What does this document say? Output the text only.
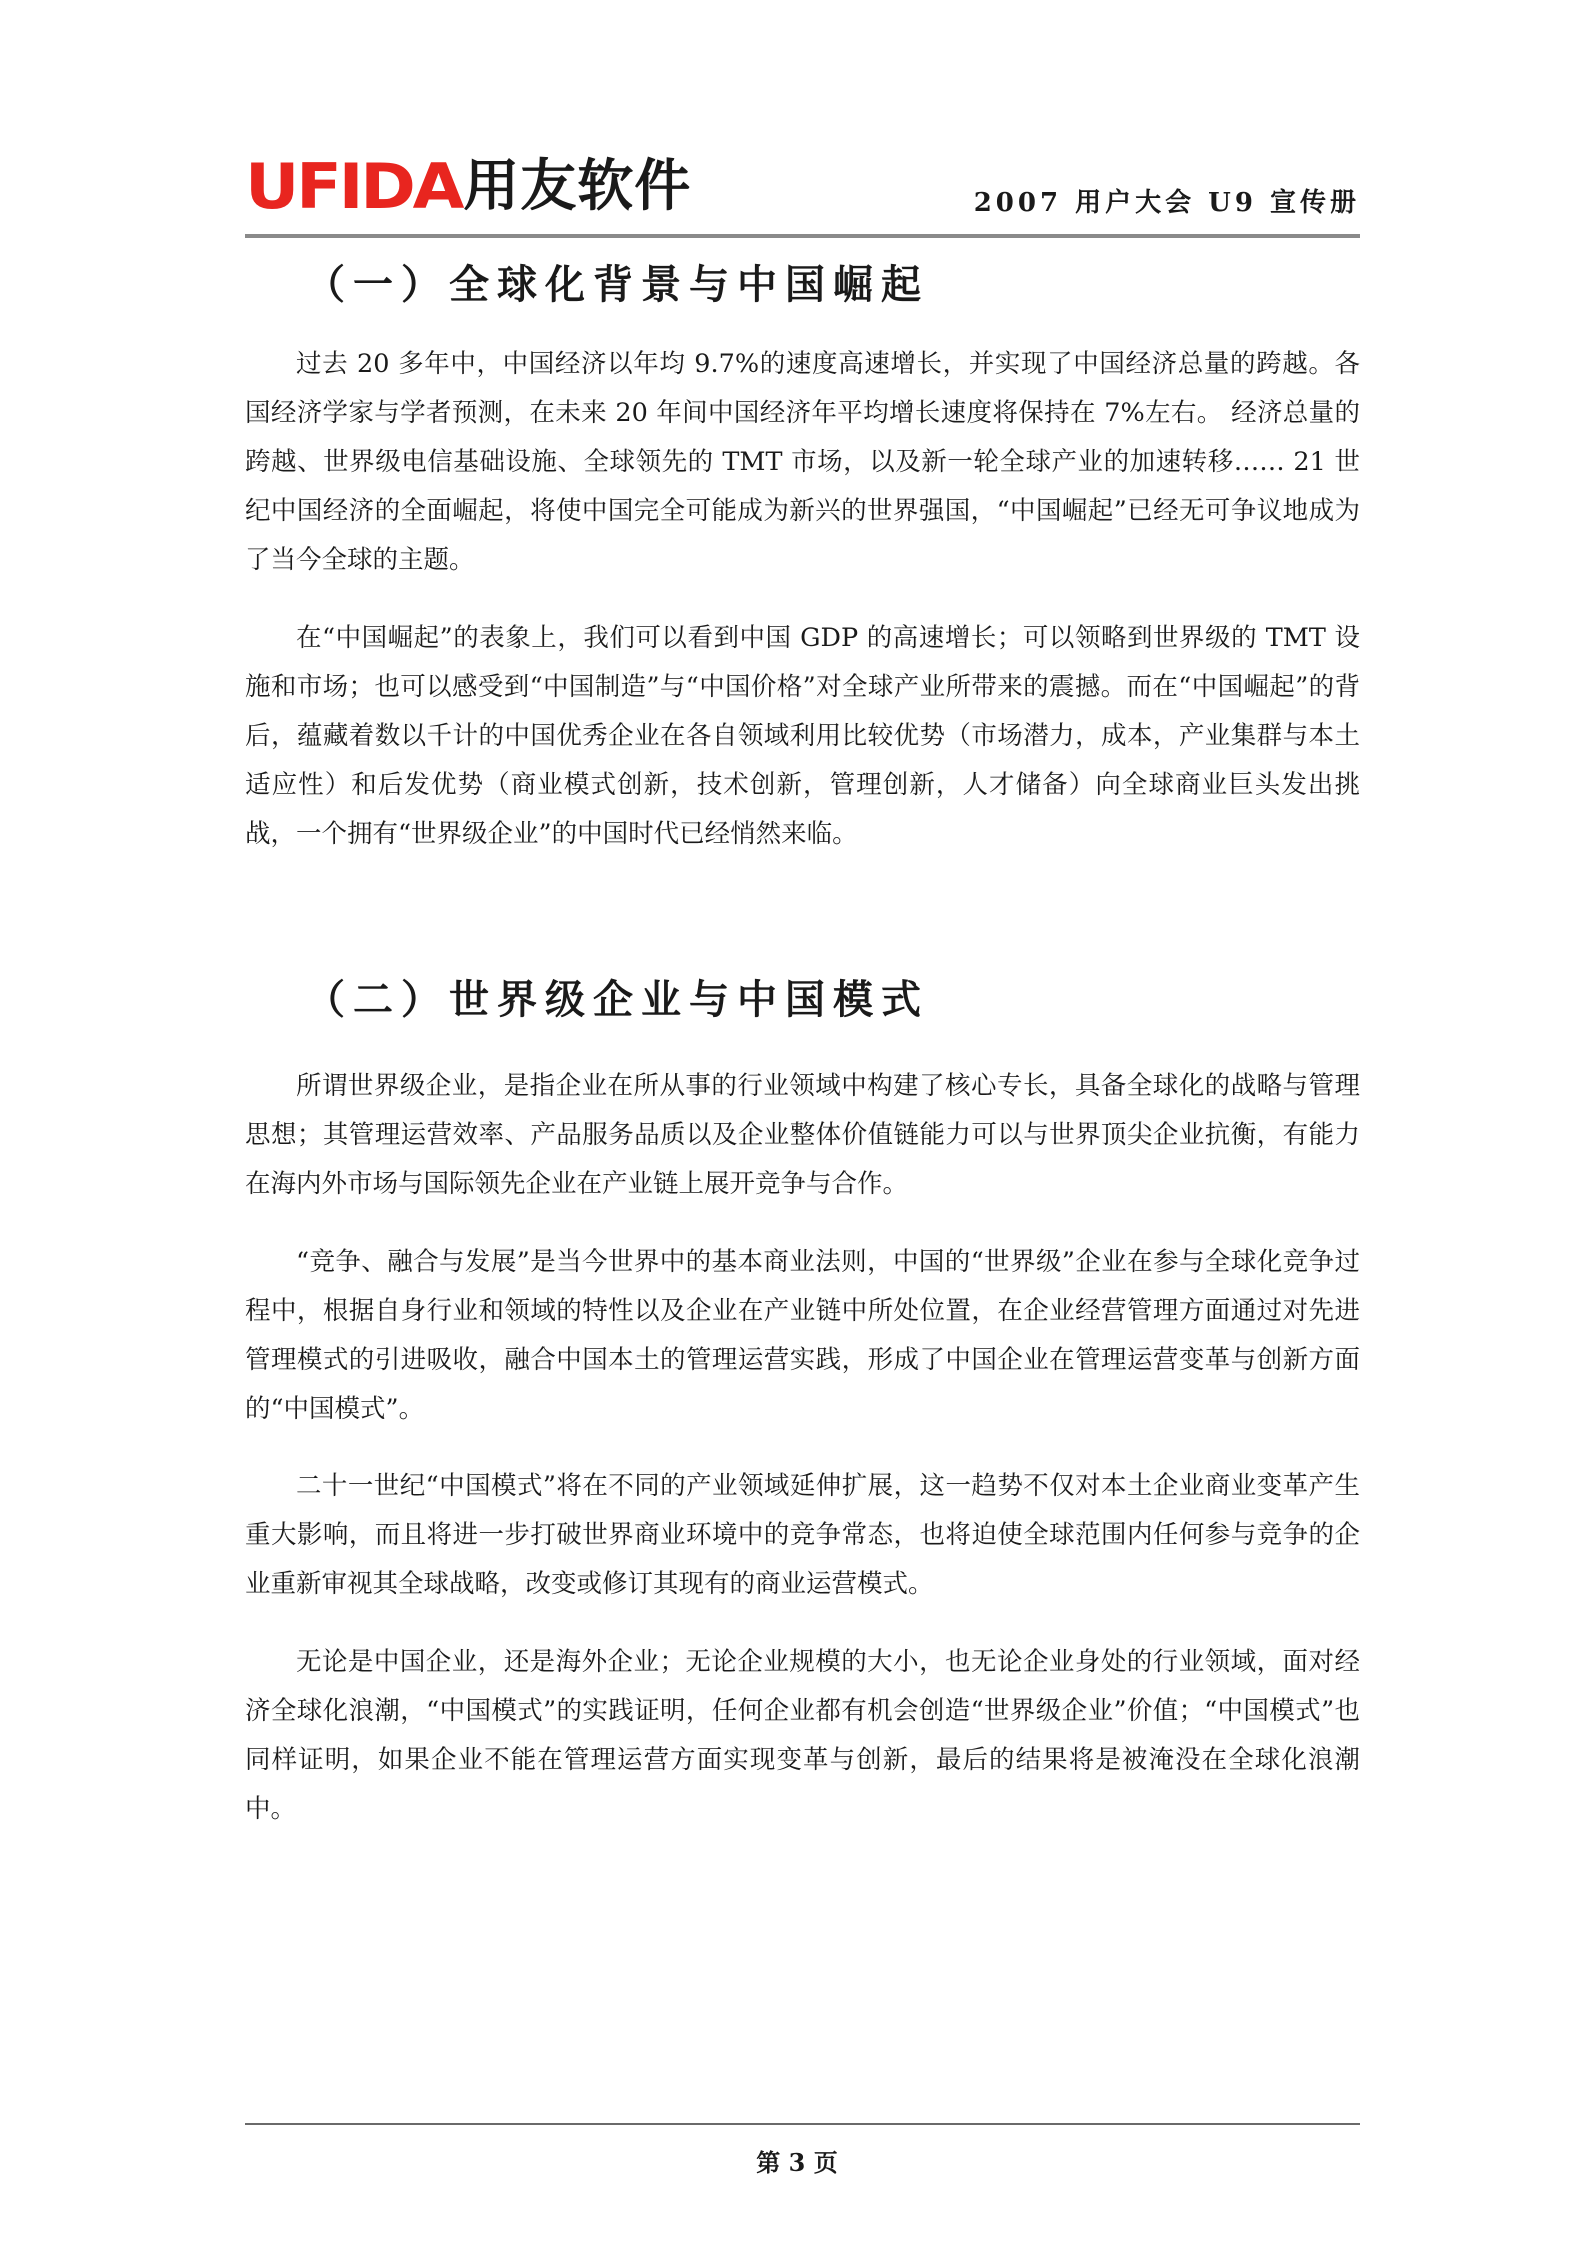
UFIDA 用友软件	2007 用户大会 U9 宣传册
（一）全球化背景与中国崛起

过去 20 多年中，中国经济以年均 9.7%的速度高速增长，并实现了中国经济总量的跨越。各国经济学家与学者预测，在未来 20 年间中国经济年平均增长速度将保持在 7%左右。 经济总量的跨越、世界级电信基础设施、全球领先的 TMT 市场，以及新一轮全球产业的加速转移…… 21 世纪中国经济的全面崛起，将使中国完全可能成为新兴的世界强国，“中国崛起”已经无可争议地成为了当今全球的主题。

在“中国崛起”的表象上，我们可以看到中国 GDP 的高速增长；可以领略到世界级的 TMT 设施和市场；也可以感受到“中国制造”与“中国价格”对全球产业所带来的震撼。而在“中国崛起”的背后，蕴藏着数以千计的中国优秀企业在各自领域利用比较优势（市场潜力，成本，产业集群与本土适应性）和后发优势（商业模式创新，技术创新，管理创新，人才储备）向全球商业巨头发出挑战，一个拥有“世界级企业”的中国时代已经悄然来临。

（二）世界级企业与中国模式

所谓世界级企业，是指企业在所从事的行业领域中构建了核心专长，具备全球化的战略与管理思想；其管理运营效率、产品服务品质以及企业整体价值链能力可以与世界顶尖企业抗衡，有能力在海内外市场与国际领先企业在产业链上展开竞争与合作。

“竞争、融合与发展”是当今世界中的基本商业法则，中国的“世界级”企业在参与全球化竞争过程中，根据自身行业和领域的特性以及企业在产业链中所处位置，在企业经营管理方面通过对先进管理模式的引进吸收，融合中国本土的管理运营实践，形成了中国企业在管理运营变革与创新方面的“中国模式”。

二十一世纪“中国模式”将在不同的产业领域延伸扩展，这一趋势不仅对本土企业商业变革产生重大影响，而且将进一步打破世界商业环境中的竞争常态，也将迫使全球范围内任何参与竞争的企业重新审视其全球战略，改变或修订其现有的商业运营模式。

无论是中国企业，还是海外企业；无论企业规模的大小，也无论企业身处的行业领域，面对经济全球化浪潮，“中国模式”的实践证明，任何企业都有机会创造“世界级企业”价值；“中国模式”也同样证明，如果企业不能在管理运营方面实现变革与创新，最后的结果将是被淹没在全球化浪潮中。

第 3 页
